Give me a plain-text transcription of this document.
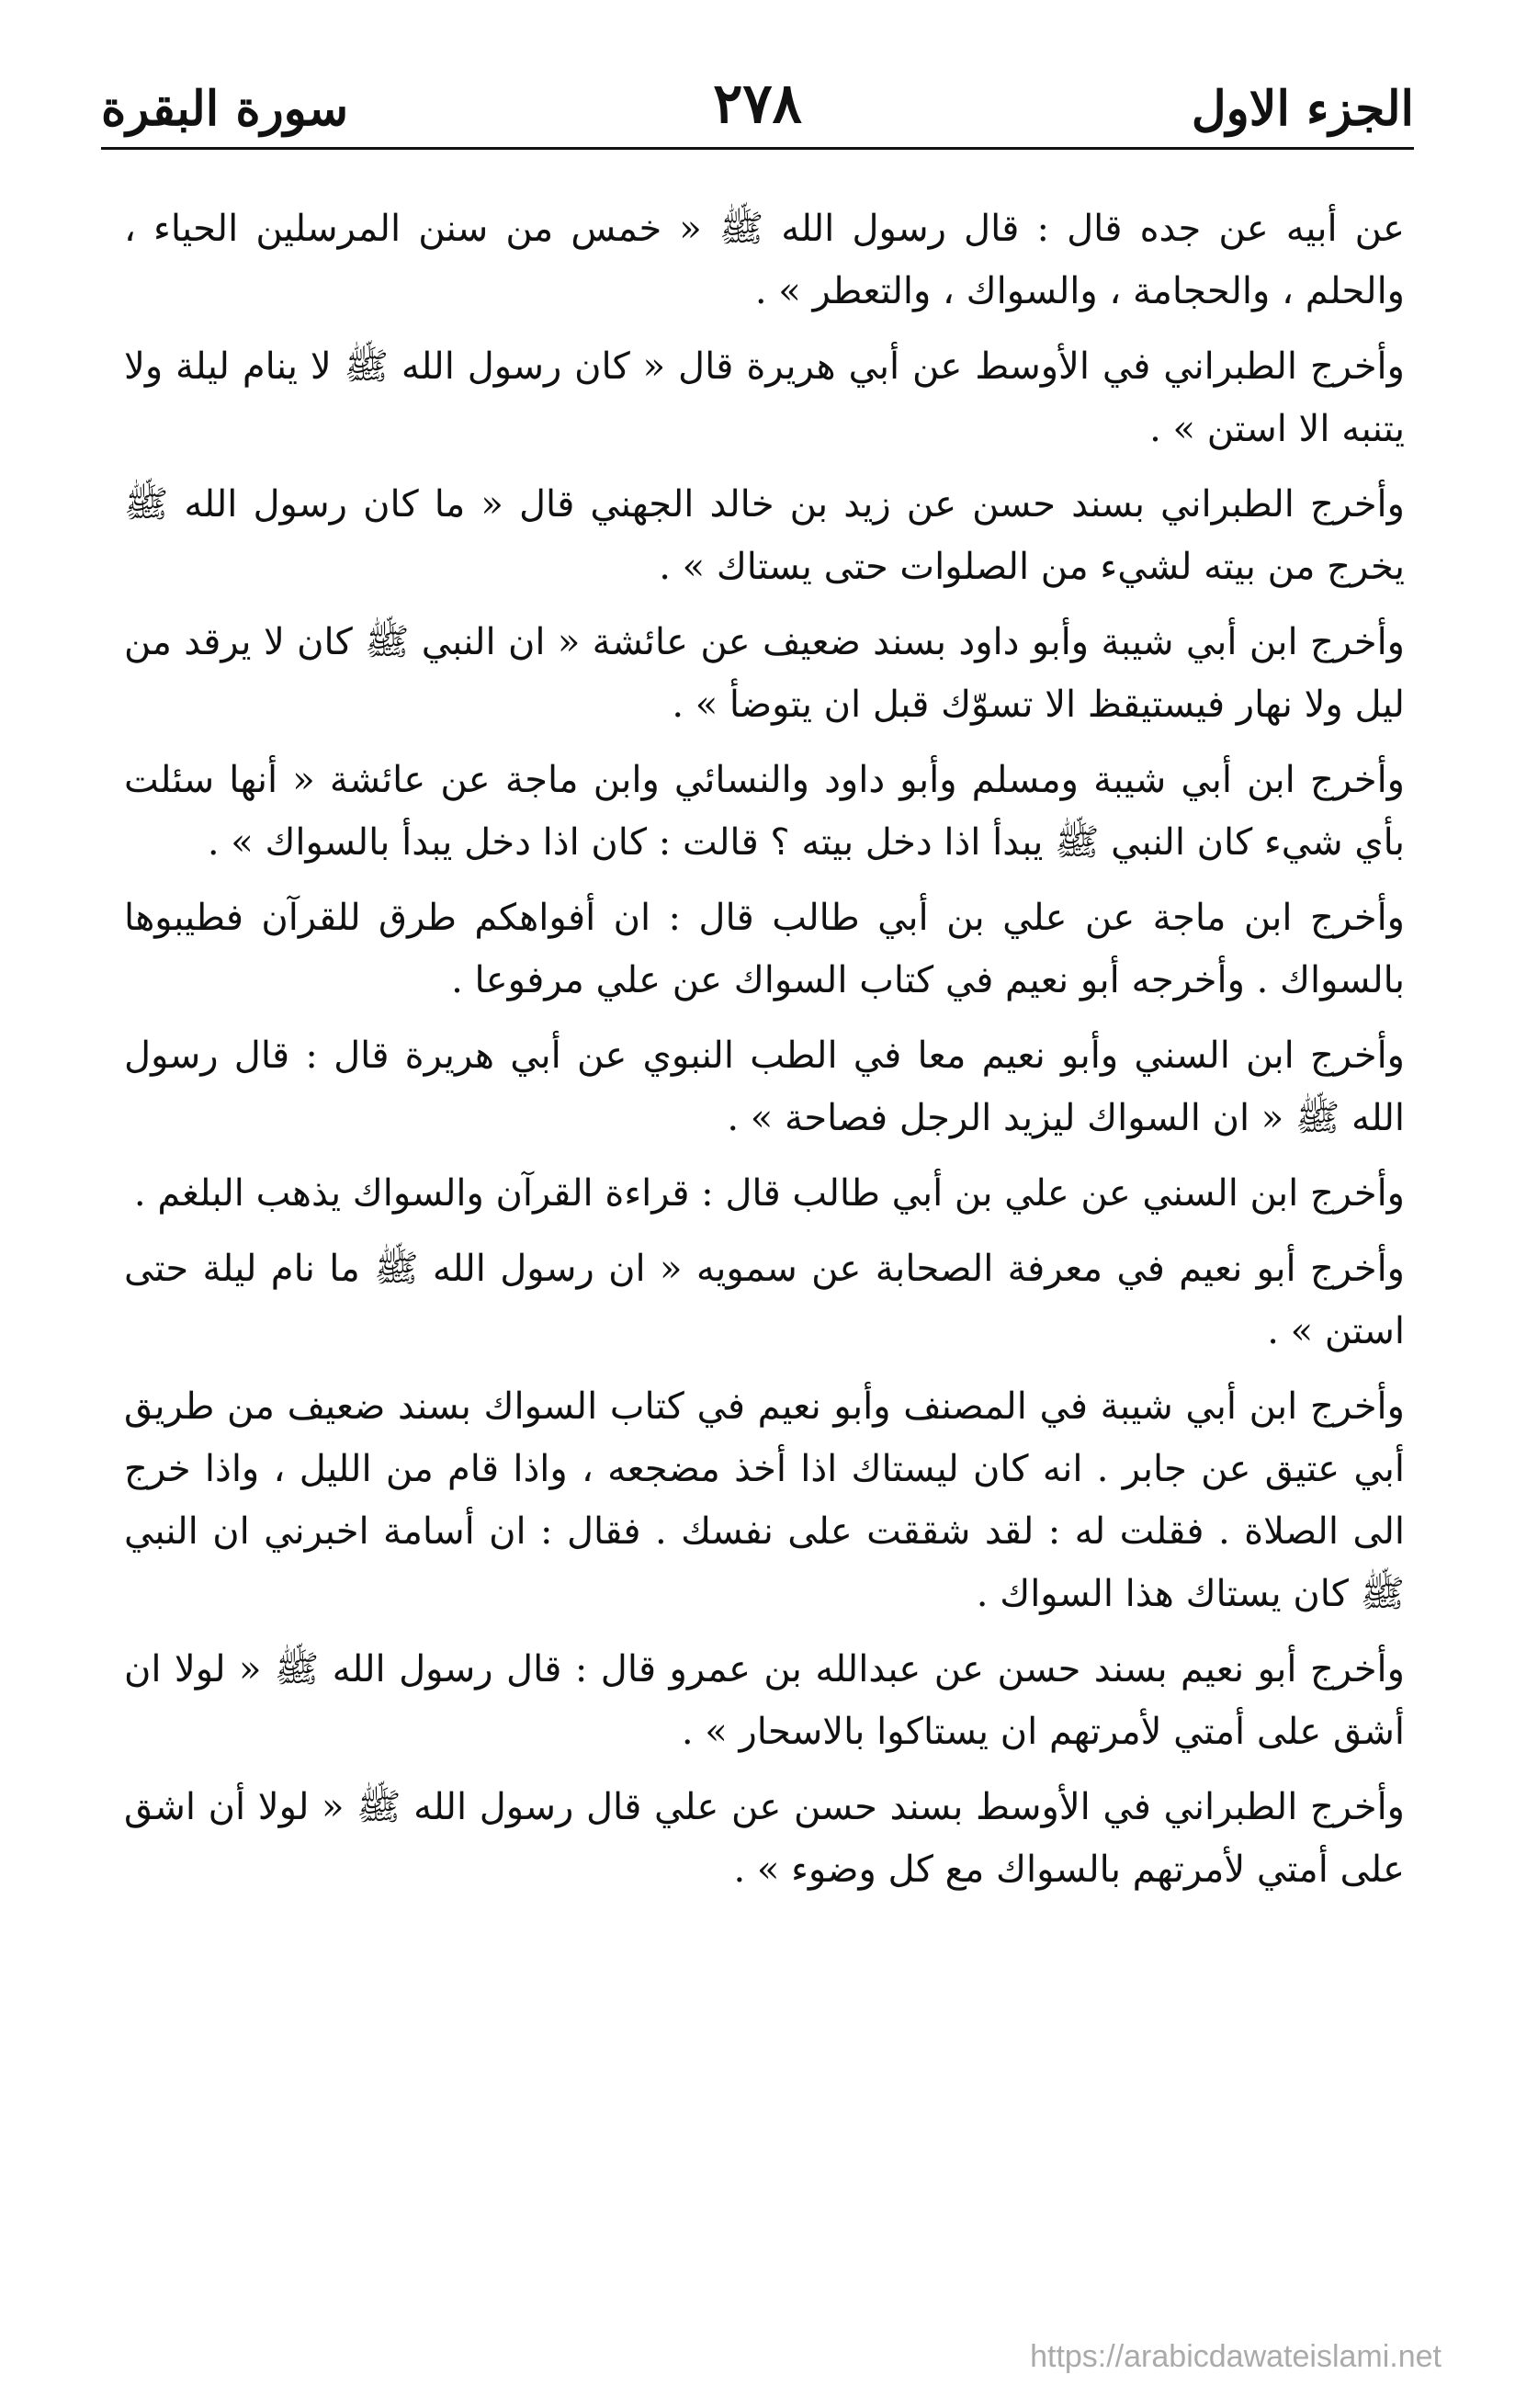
الجزء الاول
٢٧٨
سورة البقرة

عن أبيه عن جده قال : قال رسول الله ﷺ « خمس من سنن المرسلين الحياء ، والحلم ، والحجامة ، والسواك ، والتعطر » .

وأخرج الطبراني في الأوسط عن أبي هريرة قال « كان رسول الله ﷺ لا ينام ليلة ولا يتنبه الا استن » .

وأخرج الطبراني بسند حسن عن زيد بن خالد الجهني قال « ما كان رسول الله ﷺ يخرج من بيته لشيء من الصلوات حتى يستاك » .

وأخرج ابن أبي شيبة وأبو داود بسند ضعيف عن عائشة « ان النبي ﷺ كان لا يرقد من ليل ولا نهار فيستيقظ الا تسوّك قبل ان يتوضأ » .

وأخرج ابن أبي شيبة ومسلم وأبو داود والنسائي وابن ماجة عن عائشة « أنها سئلت بأي شيء كان النبي ﷺ يبدأ اذا دخل بيته ؟ قالت : كان اذا دخل يبدأ بالسواك » .

وأخرج ابن ماجة عن علي بن أبي طالب قال : ان أفواهكم طرق للقرآن فطيبوها بالسواك . وأخرجه أبو نعيم في كتاب السواك عن علي مرفوعا .

وأخرج ابن السني وأبو نعيم معا في الطب النبوي عن أبي هريرة قال : قال رسول الله ﷺ « ان السواك ليزيد الرجل فصاحة » .

وأخرج ابن السني عن علي بن أبي طالب قال : قراءة القرآن والسواك يذهب البلغم .

وأخرج أبو نعيم في معرفة الصحابة عن سمويه « ان رسول الله ﷺ ما نام ليلة حتى استن » .

وأخرج ابن أبي شيبة في المصنف وأبو نعيم في كتاب السواك بسند ضعيف من طريق أبي عتيق عن جابر . انه كان ليستاك اذا أخذ مضجعه ، واذا قام من الليل ، واذا خرج الى الصلاة . فقلت له : لقد شققت على نفسك . فقال : ان أسامة اخبرني ان النبي ﷺ كان يستاك هذا السواك .

وأخرج أبو نعيم بسند حسن عن عبدالله بن عمرو قال : قال رسول الله ﷺ « لولا ان أشق على أمتي لأمرتهم ان يستاكوا بالاسحار » .

وأخرج الطبراني في الأوسط بسند حسن عن علي قال رسول الله ﷺ « لولا أن اشق على أمتي لأمرتهم بالسواك مع كل وضوء » .

https://arabicdawateislami.net
